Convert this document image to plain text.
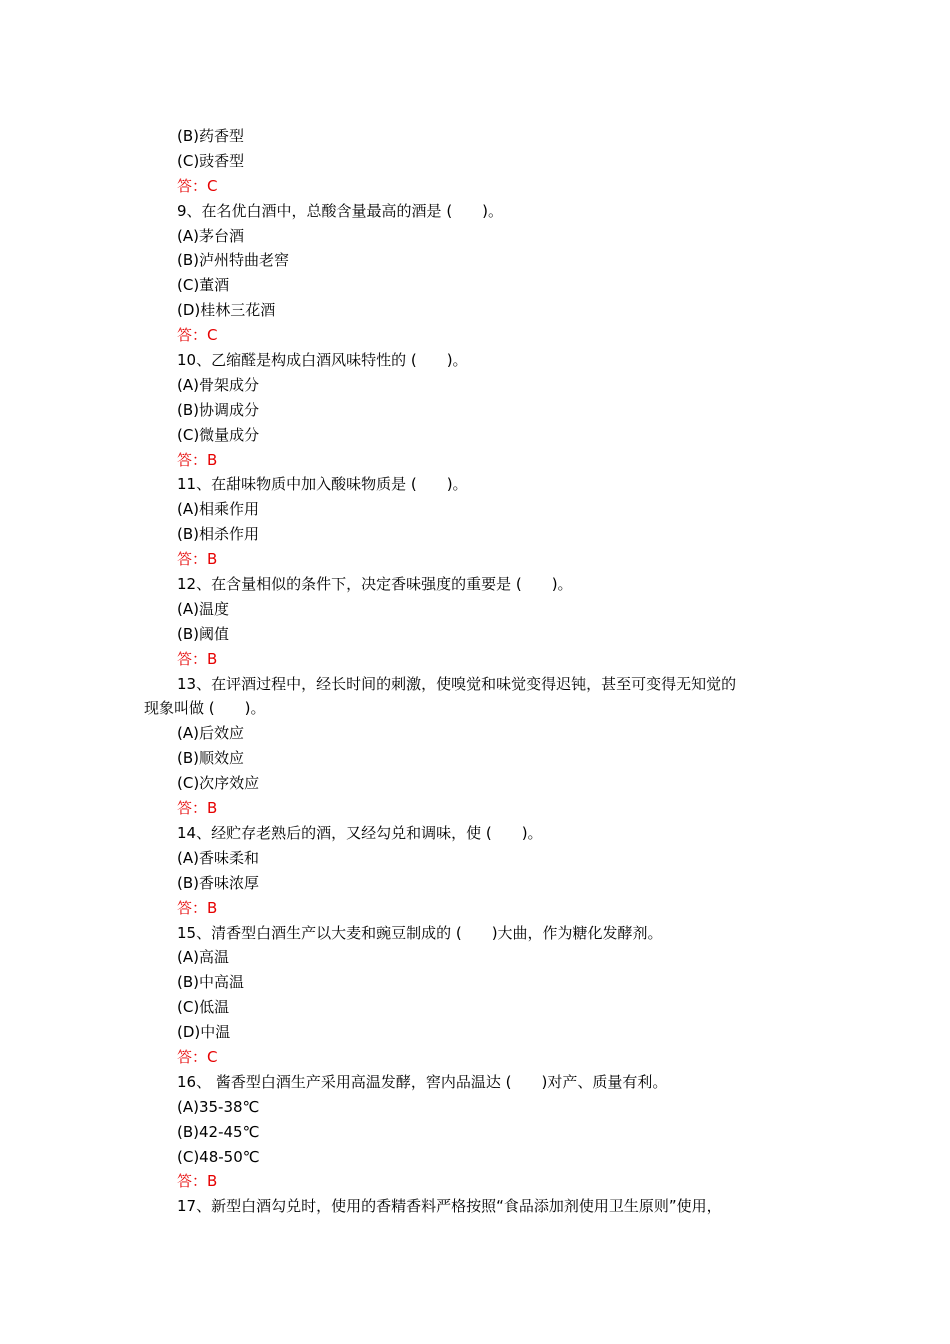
(B)药香型
(C)豉香型
答：C
9、在名优白酒中，总酸含量最高的酒是 (　　)。
(A)茅台酒
(B)泸州特曲老窖
(C)董酒
(D)桂林三花酒
答：C
10、乙缩醛是构成白酒风味特性的 (　　)。
(A)骨架成分
(B)协调成分
(C)微量成分
答：B
11、在甜味物质中加入酸味物质是 (　　)。
(A)相乘作用
(B)相杀作用
答：B
12、在含量相似的条件下，决定香味强度的重要是 (　　)。
(A)温度
(B)阈值
答：B
13、在评酒过程中，经长时间的刺激，使嗅觉和味觉变得迟钝，甚至可变得无知觉的
现象叫做 (　　)。
(A)后效应
(B)顺效应
(C)次序效应
答：B
14、经贮存老熟后的酒，又经勾兑和调味，使 (　　)。
(A)香味柔和
(B)香味浓厚
答：B
15、清香型白酒生产以大麦和豌豆制成的 (　　)大曲，作为糖化发酵剂。
(A)高温
(B)中高温
(C)低温
(D)中温
答：C
16、 酱香型白酒生产采用高温发酵，窖内品温达 (　　)对产、质量有利。
(A)35-38℃
(B)42-45℃
(C)48-50℃
答：B
17、新型白酒勾兑时，使用的香精香料严格按照“食品添加剂使用卫生原则”使用，
